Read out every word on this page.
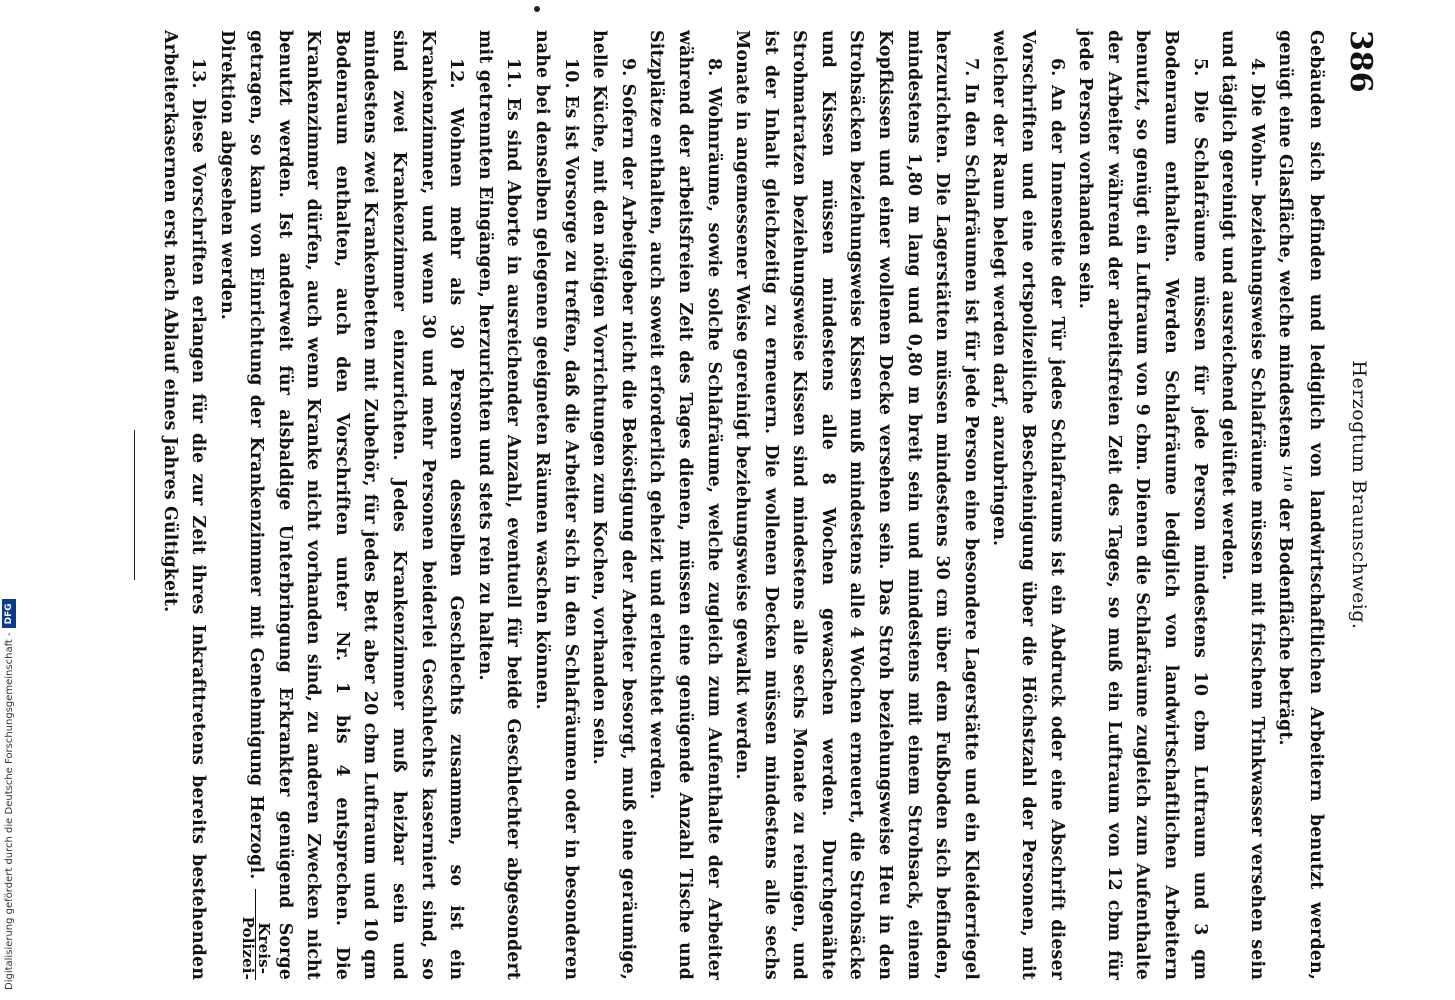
386
Herzogtum Braunschweig.

Gebäuden sich befinden und lediglich von landwirtschaftlichen Arbeitern benutzt werden, genügt eine Glasfläche, welche mindestens $^{1/10}$ der Bodenfläche beträgt.

4. Die Wohn- beziehungsweise Schlafräume müssen mit frischem Trinkwasser versehen sein und täglich gereinigt und ausreichend gelüftet werden.

5. Die Schlafräume müssen für jede Person mindestens 10 cbm Luftraum und 3 qm Bodenraum enthalten. Werden Schlafräume lediglich von landwirtschaftlichen Arbeitern benutzt, so genügt ein Luftraum von 9 cbm. Dienen die Schlafräume zugleich zum Aufenthalte der Arbeiter während der arbeitsfreien Zeit des Tages, so muß ein Luftraum von 12 cbm für jede Person vorhanden sein.

6. An der Innenseite der Tür jedes Schlafraums ist ein Abdruck oder eine Abschrift dieser Vorschriften und eine ortspolizeiliche Bescheinigung über die Höchstzahl der Personen, mit welcher der Raum belegt werden darf, anzubringen.

7. In den Schlafräumen ist für jede Person eine besondere Lagerstätte und ein Kleiderriegel herzurichten. Die Lagerstätten müssen mindestens 30 cm über dem Fußboden sich befinden, mindestens 1,80 m lang und 0,80 m breit sein und mindestens mit einem Strohsack, einem Kopfkissen und einer wollenen Decke versehen sein. Das Stroh beziehungsweise Heu in den Strohsäcken beziehungsweise Kissen muß mindestens alle 4 Wochen erneuert, die Strohsäcke und Kissen müssen mindestens alle 8 Wochen gewaschen werden. Durchgenähte Strohmatratzen beziehungsweise Kissen sind mindestens alle sechs Monate zu reinigen, und ist der Inhalt gleichzeitig zu erneuern. Die wollenen Decken müssen mindestens alle sechs Monate in angemessener Weise gereinigt beziehungsweise gewalkt werden.

8. Wohnräume, sowie solche Schlafräume, welche zugleich zum Aufenthalte der Arbeiter während der arbeitsfreien Zeit des Tages dienen, müssen eine genügende Anzahl Tische und Sitzplätze enthalten, auch soweit erforderlich geheizt und erleuchtet werden.

9. Sofern der Arbeitgeber nicht die Beköstigung der Arbeiter besorgt, muß eine geräumige, helle Küche, mit den nötigen Vorrichtungen zum Kochen, vorhanden sein.

10. Es ist Vorsorge zu treffen, daß die Arbeiter sich in den Schlafräumen oder in besonderen nahe bei denselben gelegenen geeigneten Räumen waschen können.

11. Es sind Aborte in ausreichender Anzahl, eventuell für beide Geschlechter abgesondert mit getrennten Eingängen, herzurichten und stets rein zu halten.

12. Wohnen mehr als 30 Personen desselben Geschlechts zusammen, so ist ein Krankenzimmer, und wenn 30 und mehr Personen beiderlei Geschlechts kaserniert sind, so sind zwei Krankenzimmer einzurichten. Jedes Krankenzimmer muß heizbar sein und mindestens zwei Krankenbetten mit Zubehör, für jedes Bett aber 20 cbm Luftraum und 10 qm Bodenraum enthalten, auch den Vorschriften unter Nr. 1 bis 4 entsprechen. Die Krankenzimmer dürfen, auch wenn Kranke nicht vorhanden sind, zu anderen Zwecken nicht benutzt werden. Ist anderweit für alsbaldige Unterbringung Erkrankter genügend Sorge getragen, so kann von Einrichtung der Krankenzimmer mit Genehmigung Herzogl.
Kreis-
Polizei-
Direktion abgesehen werden.

13. Diese Vorschriften erlangen für die zur Zeit ihres Inkrafttretens bereits bestehenden Arbeiterkasernen erst nach Ablauf eines Jahres Gültigkeit.

Digitalisierung gefördert durch die Deutsche Forschungsgemeinschaft -
DFG
